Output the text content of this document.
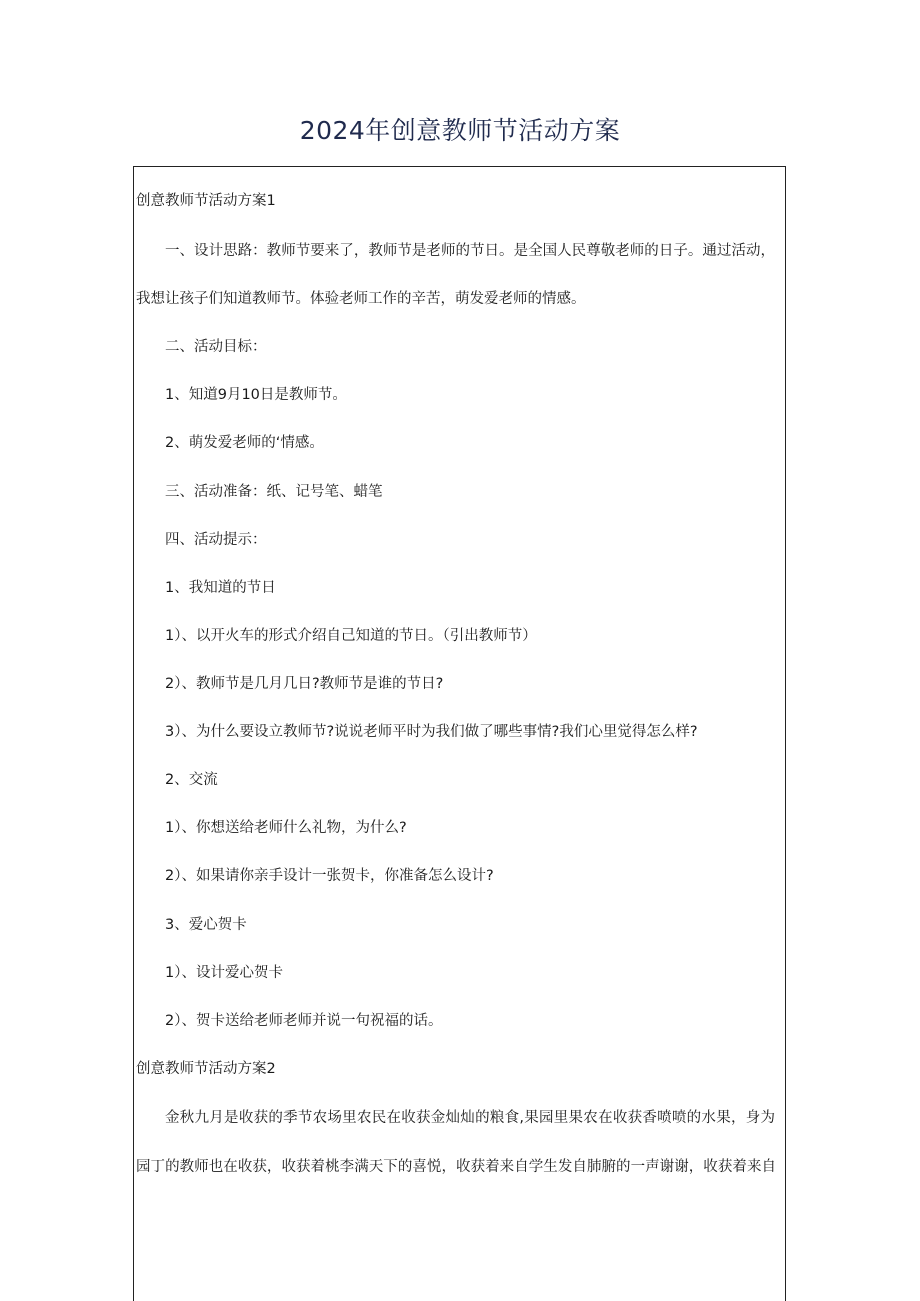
2024年创意教师节活动方案
创意教师节活动方案1
一、设计思路：教师节要来了，教师节是老师的节日。是全国人民尊敬老师的日子。通过活动，
我想让孩子们知道教师节。体验老师工作的辛苦，萌发爱老师的情感。
二、活动目标：
1、知道9月10日是教师节。
2、萌发爱老师的‘情感。
三、活动准备：纸、记号笔、蜡笔
四、活动提示：
1、我知道的节日
1）、以开火车的形式介绍自己知道的节日。（引出教师节）
2）、教师节是几月几日?教师节是谁的节日?
3）、为什么要设立教师节?说说老师平时为我们做了哪些事情?我们心里觉得怎么样?
2、交流
1）、你想送给老师什么礼物，为什么?
2）、如果请你亲手设计一张贺卡，你准备怎么设计?
3、爱心贺卡
1）、设计爱心贺卡
2）、贺卡送给老师老师并说一句祝福的话。
创意教师节活动方案2
金秋九月是收获的季节农场里农民在收获金灿灿的粮食,果园里果农在收获香喷喷的水果，身为
园丁的教师也在收获，收获着桃李满天下的喜悦，收获着来自学生发自肺腑的一声谢谢，收获着来自
